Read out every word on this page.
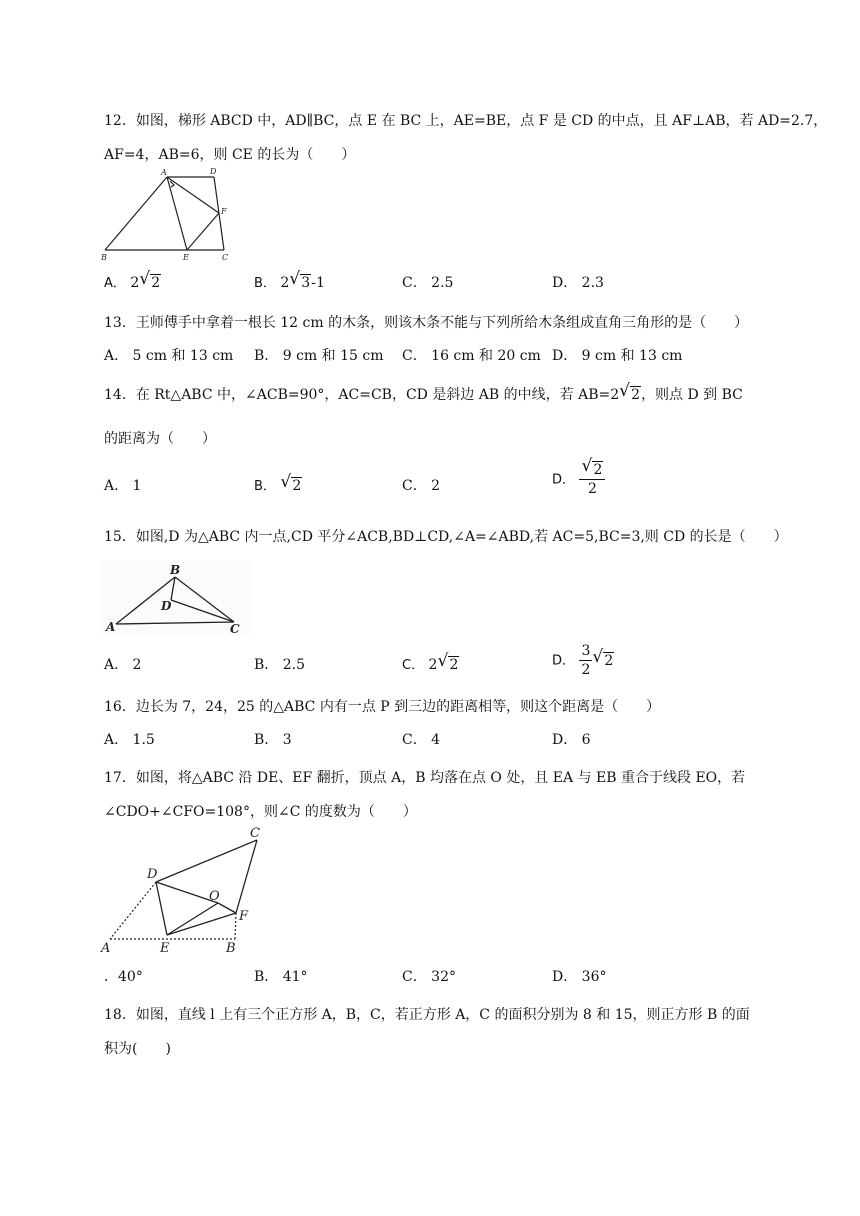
12．如图，梯形 ABCD 中，AD∥BC，点 E 在 BC 上，AE=BE，点 F 是 CD 的中点，且 AF⊥AB，若 AD=2.7，
AF=4，AB=6，则 CE 的长为（　　）
A	D
F
B	E	C
A． 2 √ 2	B． 2 √ 3-1	C． 2.5	D． 2.3
13．王师傅手中拿着一根长 12 cm 的木条，则该木条不能与下列所给木条组成直角三角形的是（　　）
A． 5 cm 和 13 cm B． 9 cm 和 15 cm C． 16 cm 和 20 cm D． 9 cm 和 13 cm
14．在 Rt△ABC 中，∠ACB=90°，AC=CB，CD 是斜边 AB 的中线，若 AB=2 √ 2，则点 D 到 BC
的距离为（　　）
A． 1	B． √ 2	C． 2	D． $\frac{√ 2}{2}$
15．如图,D 为△ABC 内一点,CD 平分∠ACB,BD⊥CD,∠A=∠ABD,若 AC=5,BC=3,则 CD 的长是（　　）
B
D
A	C
A． 2	B． 2.5	C． 2 √ 2	D． $\frac{3}{2}$ √ 2
16．边长为 7，24，25 的△ABC 内有一点 P 到三边的距离相等，则这个距离是（　　）
A． 1.5	B． 3	C． 4	D． 6
17．如图，将△ABC 沿 DE、EF 翻折，顶点 A，B 均落在点 O 处，且 EA 与 EB 重合于线段 EO，若
∠CDO+∠CFO=108°，则∠C 的度数为（　　）
C
D
O
F
A	E	B
．40°	B． 41°	C． 32°	D． 36°
18．如图，直线 l 上有三个正方形 A，B，C，若正方形 A，C 的面积分别为 8 和 15，则正方形 B 的面
积为(　　)
